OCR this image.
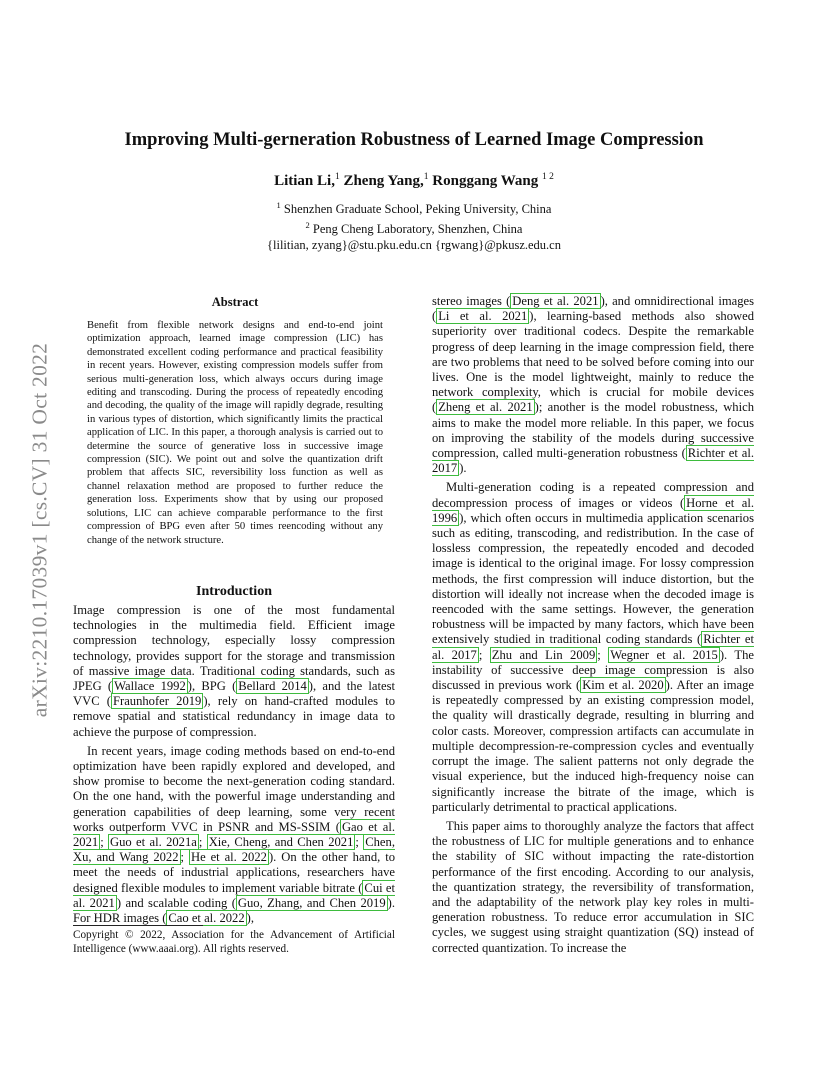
arXiv:2210.17039v1 [cs.CV] 31 Oct 2022
Improving Multi-gerneration Robustness of Learned Image Compression
Litian Li,$^1$ Zheng Yang,$^1$ Ronggang Wang $^{1 2}$
$^1$ Shenzhen Graduate School, Peking University, China
$^2$ Peng Cheng Laboratory, Shenzhen, China
{lilitian, zyang}@stu.pku.edu.cn {rgwang}@pkusz.edu.cn
Abstract

Benefit from flexible network designs and end-to-end joint optimization approach, learned image compression (LIC) has demonstrated excellent coding performance and practical feasibility in recent years. However, existing compression models suffer from serious multi-generation loss, which always occurs during image editing and transcoding. During the process of repeatedly encoding and decoding, the quality of the image will rapidly degrade, resulting in various types of distortion, which significantly limits the practical application of LIC. In this paper, a thorough analysis is carried out to determine the source of generative loss in successive image compression (SIC). We point out and solve the quantization drift problem that affects SIC, reversibility loss function as well as channel relaxation method are proposed to further reduce the generation loss. Experiments show that by using our proposed solutions, LIC can achieve comparable performance to the first compression of BPG even after 50 times reencoding without any change of the network structure.

Introduction

Image compression is one of the most fundamental technologies in the multimedia field. Efficient image compression technology, especially lossy compression technology, provides support for the storage and transmission of massive image data. Traditional coding standards, such as JPEG ( Wallace 1992 ), BPG ( Bellard 2014 ), and the latest VVC ( Fraunhofer 2019 ), rely on hand-crafted modules to remove spatial and statistical redundancy in image data to achieve the purpose of compression.

In recent years, image coding methods based on end-to-end optimization have been rapidly explored and developed, and show promise to become the next-generation coding standard. On the one hand, with the powerful image understanding and generation capabilities of deep learning, some very recent works outperform VVC in PSNR and MS-SSIM ( Gao et al. 2021 ; Guo et al. 2021a ; Xie, Cheng, and Chen 2021 ; Chen, Xu, and Wang 2022 ; He et al. 2022 ). On the other hand, to meet the needs of industrial applications, researchers have designed flexible modules to implement variable bitrate ( Cui et al. 2021 ) and scalable coding ( Guo, Zhang, and Chen 2019 ). For HDR images ( Cao et al. 2022 ),

stereo images ( Deng et al. 2021 ), and omnidirectional images ( Li et al. 2021 ), learning-based methods also showed superiority over traditional codecs. Despite the remarkable progress of deep learning in the image compression field, there are two problems that need to be solved before coming into our lives. One is the model lightweight, mainly to reduce the network complexity, which is crucial for mobile devices ( Zheng et al. 2021 ); another is the model robustness, which aims to make the model more reliable. In this paper, we focus on improving the stability of the models during successive compression, called multi-generation robustness ( Richter et al. 2017 ).

Multi-generation coding is a repeated compression and decompression process of images or videos ( Horne et al. 1996 ), which often occurs in multimedia application scenarios such as editing, transcoding, and redistribution. In the case of lossless compression, the repeatedly encoded and decoded image is identical to the original image. For lossy compression methods, the first compression will induce distortion, but the distortion will ideally not increase when the decoded image is reencoded with the same settings. However, the generation robustness will be impacted by many factors, which have been extensively studied in traditional coding standards ( Richter et al. 2017 ; Zhu and Lin 2009 ; Wegner et al. 2015 ). The instability of successive deep image compression is also discussed in previous work ( Kim et al. 2020 ). After an image is repeatedly compressed by an existing compression model, the quality will drastically degrade, resulting in blurring and color casts. Moreover, compression artifacts can accumulate in multiple decompression-re-compression cycles and eventually corrupt the image. The salient patterns not only degrade the visual experience, but the induced high-frequency noise can significantly increase the bitrate of the image, which is particularly detrimental to practical applications.

This paper aims to thoroughly analyze the factors that affect the robustness of LIC for multiple generations and to enhance the stability of SIC without impacting the rate-distortion performance of the first encoding. According to our analysis, the quantization strategy, the reversibility of transformation, and the adaptability of the network play key roles in multi-generation robustness. To reduce error accumulation in SIC cycles, we suggest using straight quantization (SQ) instead of corrected quantization. To increase the

Copyright © 2022, Association for the Advancement of Artificial Intelligence (www.aaai.org). All rights reserved.
